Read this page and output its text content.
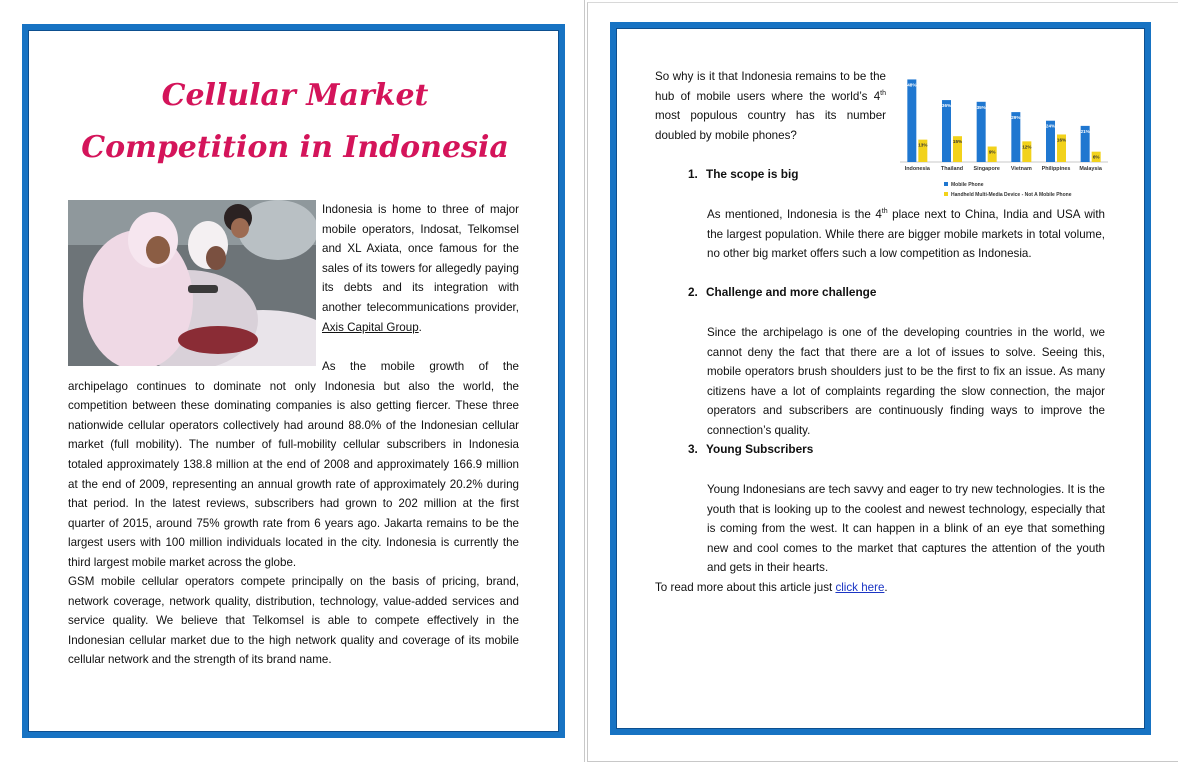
Cellular Market
Competition in Indonesia
Indonesia is home to three of major mobile operators, Indosat, Telkomsel and XL Axiata, once famous for the sales of its towers for allegedly paying its debts and its integration with another telecommunications provider, Axis Capital Group.
As the mobile growth of the archipelago continues to dominate not only Indonesia but also the world, the competition between these dominating companies is also getting fiercer. These three nationwide cellular operators collectively had around 88.0% of the Indonesian cellular market (full mobility). The number of full-mobility cellular subscribers in Indonesia totaled approximately 138.8 million at the end of 2008 and approximately 166.9 million at the end of 2009, representing an annual growth rate of approximately 20.2% during that period. In the latest reviews, subscribers had grown to 202 million at the first quarter of 2015, around 75% growth rate from 6 years ago. Jakarta remains to be the largest users with 100 million individuals located in the city. Indonesia is currently the third largest mobile market across the globe.
GSM mobile cellular operators compete principally on the basis of pricing, brand, network coverage, network quality, distribution, technology, value-added services and service quality. We believe that Telkomsel is able to compete effectively in the Indonesian cellular market due to the high network quality and coverage of its mobile cellular network and the strength of its brand name.
So why is it that Indonesia remains to be the hub of mobile users where the world’s 4th most populous country has its number doubled by mobile phones?
48%
13%
Indonesia
36%
15%
Thailand
35%
9%
Singapore
29%
12%
Vietnam
24%
16%
Philippines
21%
6%
Malaysia
Mobile Phone
Handheld Multi-Media Device - Not A Mobile Phone
1. The scope is big
As mentioned, Indonesia is the 4th place next to China, India and USA with the largest population. While there are bigger mobile markets in total volume, no other big market offers such a low competition as Indonesia.
2. Challenge and more challenge
Since the archipelago is one of the developing countries in the world, we cannot deny the fact that there are a lot of issues to solve. Seeing this, mobile operators brush shoulders just to be the first to fix an issue. As many citizens have a lot of complaints regarding the slow connection, the major operators and subscribers are continuously finding ways to improve the connection’s quality.
3. Young Subscribers
Young Indonesians are tech savvy and eager to try new technologies. It is the youth that is looking up to the coolest and newest technology, especially that is coming from the west. It can happen in a blink of an eye that something new and cool comes to the market that captures the attention of the youth and gets in their hearts.
To read more about this article just click here.
